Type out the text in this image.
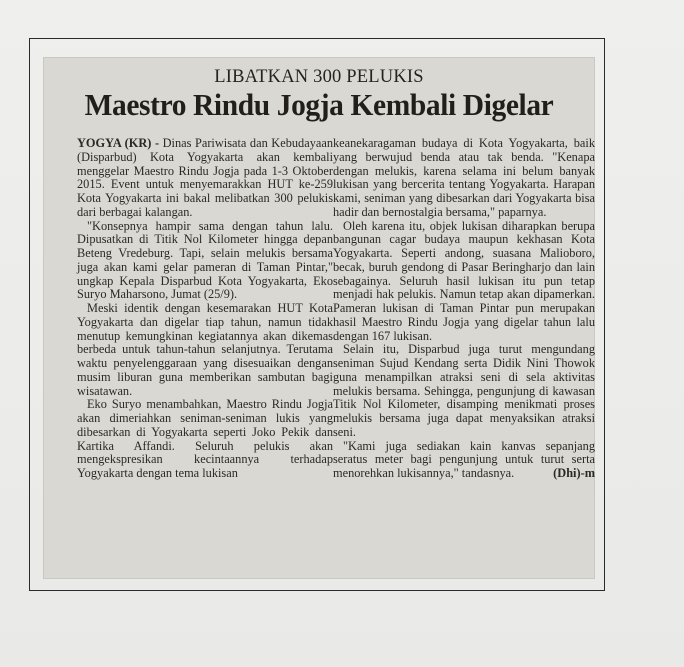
LIBATKAN 300 PELUKIS
Maestro Rindu Jogja Kembali Digelar

YOGYA (KR) - Dinas Pariwisata dan Kebudayaan (Disparbud) Kota Yogyakarta akan kembali menggelar Maestro Rindu Jogja pada 1-3 Oktober 2015. Event untuk menyemarakkan HUT ke-259 Kota Yogyakarta ini bakal melibatkan 300 pelukis dari berbagai kalangan.

"Konsepnya hampir sama dengan tahun lalu. Dipusatkan di Titik Nol Kilometer hingga depan Beteng Vredeburg. Tapi, selain melukis bersama juga akan kami gelar pameran di Taman Pintar," ungkap Kepala Disparbud Kota Yogyakarta, Eko Suryo Maharsono, Jumat (25/9).

Meski identik dengan kesemarakan HUT Kota Yogyakarta dan digelar tiap tahun, namun tidak menutup kemungkinan kegiatannya akan dikemas berbeda untuk tahun-tahun selanjutnya. Terutama waktu penyelenggaraan yang disesuaikan dengan musim liburan guna memberikan sambutan bagi wisatawan.

Eko Suryo menambahkan, Maestro Rindu Jogja akan dimeriahkan seniman-seniman lukis yang dibesarkan di Yogyakarta seperti Joko Pekik dan Kartika Affandi. Seluruh pelukis akan mengekspresikan kecintaannya terhadap Yogyakarta dengan tema lukisan

keanekaragaman budaya di Kota Yogyakarta, baik yang berwujud benda atau tak benda. "Kenapa dengan melukis, karena selama ini belum banyak lukisan yang bercerita tentang Yogyakarta. Harapan kami, seniman yang dibesarkan dari Yogyakarta bisa hadir dan bernostalgia bersama," paparnya.

Oleh karena itu, objek lukisan diharapkan berupa bangunan cagar budaya maupun kekhasan Kota Yogyakarta. Seperti andong, suasana Malioboro, becak, buruh gendong di Pasar Beringharjo dan lain sebagainya. Seluruh hasil lukisan itu pun tetap menjadi hak pelukis. Namun tetap akan dipamerkan. Pameran lukisan di Taman Pintar pun merupakan hasil Maestro Rindu Jogja yang digelar tahun lalu dengan 167 lukisan.

Selain itu, Disparbud juga turut mengundang seniman Sujud Kendang serta Didik Nini Thowok guna menampilkan atraksi seni di sela aktivitas melukis bersama. Sehingga, pengunjung di kawasan Titik Nol Kilometer, disamping menikmati proses melukis bersama juga dapat menyaksikan atraksi seni.

"Kami juga sediakan kain kanvas sepanjang seratus meter bagi pengunjung untuk turut serta menorehkan lukisannya," tandasnya.	(Dhi)-m
